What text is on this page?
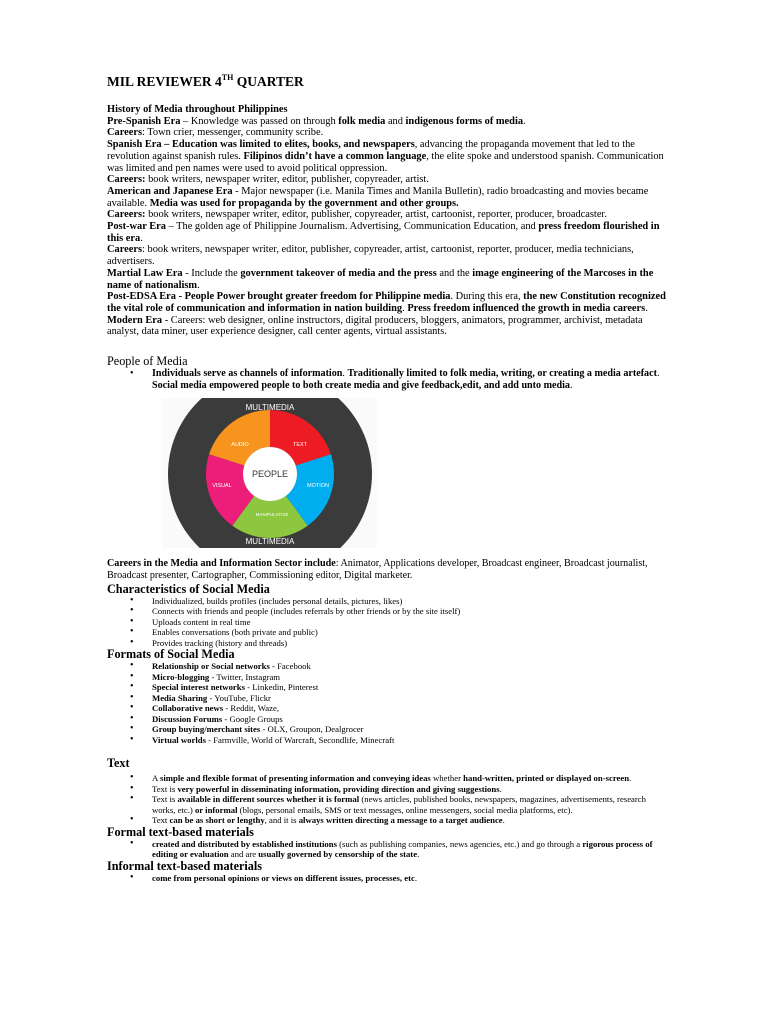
MIL REVIEWER 4TH QUARTER
History of Media throughout Philippines
Pre-Spanish Era – Knowledge was passed on through folk media and indigenous forms of media.
Careers: Town crier, messenger, community scribe.
Spanish Era – Education was limited to elites, books, and newspapers, advancing the propaganda movement that led to the revolution against spanish rules. Filipinos didn’t have a common language, the elite spoke and understood spanish. Communication was limited and pen names were used to avoid political oppression.
Careers: book writers, newspaper writer, editor, publisher, copyreader, artist.
American and Japanese Era - Major newspaper (i.e. Manila Times and Manila Bulletin), radio broadcasting and movies became available. Media was used for propaganda by the government and other groups.
Careers: book writers, newspaper writer, editor, publisher, copyreader, artist, cartoonist, reporter, producer, broadcaster.
Post-war Era – The golden age of Philippine Journalism. Advertising, Communication Education, and press freedom flourished in this era.
Careers: book writers, newspaper writer, editor, publisher, copyreader, artist, cartoonist, reporter, producer, media technicians, advertisers.
Martial Law Era - Include the government takeover of media and the press and the image engineering of the Marcoses in the name of nationalism.
Post-EDSA Era - People Power brought greater freedom for Philippine media. During this era, the new Constitution recognized the vital role of communication and information in nation building. Press freedom influenced the growth in media careers.
Modern Era - Careers: web designer, online instructors, digital producers, bloggers, animators, programmer, archivist, metadata analyst, data miner, user experience designer, call center agents, virtual assistants.
People of Media
• Individuals serve as channels of information. Traditionally limited to folk media, writing, or creating a media artefact. Social media empowered people to both create media and give feedback,edit, and add unto media.
MULTIMEDIA
MULTIMEDIA
PEOPLE
AUDIO	TEXT
MOTION
MANIPULATIVE
VISUAL
Careers in the Media and Information Sector include: Animator, Applications developer, Broadcast engineer, Broadcast journalist, Broadcast presenter, Cartographer, Commissioning editor, Digital marketer.
Characteristics of Social Media
• Individualized, builds profiles (includes personal details, pictures, likes)
• Connects with friends and people (includes referrals by other friends or by the site itself)
• Uploads content in real time
• Enables conversations (both private and public)
• Provides tracking (history and threads)
Formats of Social Media
• Relationship or Social networks - Facebook
• Micro-blogging - Twitter, Instagram
• Special interest networks - Linkedin, Pinterest
• Media Sharing - YouTube, Flickr
• Collaborative news - Reddit, Waze,
• Discussion Forums - Google Groups
• Group buying/merchant sites - OLX, Groupon, Dealgrocer
• Virtual worlds - Farmville, World of Warcraft, Secondlife, Minecraft
Text
• A simple and flexible format of presenting information and conveying ideas whether hand-written, printed or displayed on-screen.
• Text is very powerful in disseminating information, providing direction and giving suggestions.
• Text is available in different sources whether it is formal (news articles, published books, newspapers, magazines, advertisements, research works, etc.) or informal (blogs, personal emails, SMS or text messages, online messengers, social media platforms, etc).
• Text can be as short or lengthy, and it is always written directing a message to a target audience.
Formal text-based materials
• created and distributed by established institutions (such as publishing companies, news agencies, etc.) and go through a rigorous process of editing or evaluation and are usually governed by censorship of the state.
Informal text-based materials
• come from personal opinions or views on different issues, processes, etc.
